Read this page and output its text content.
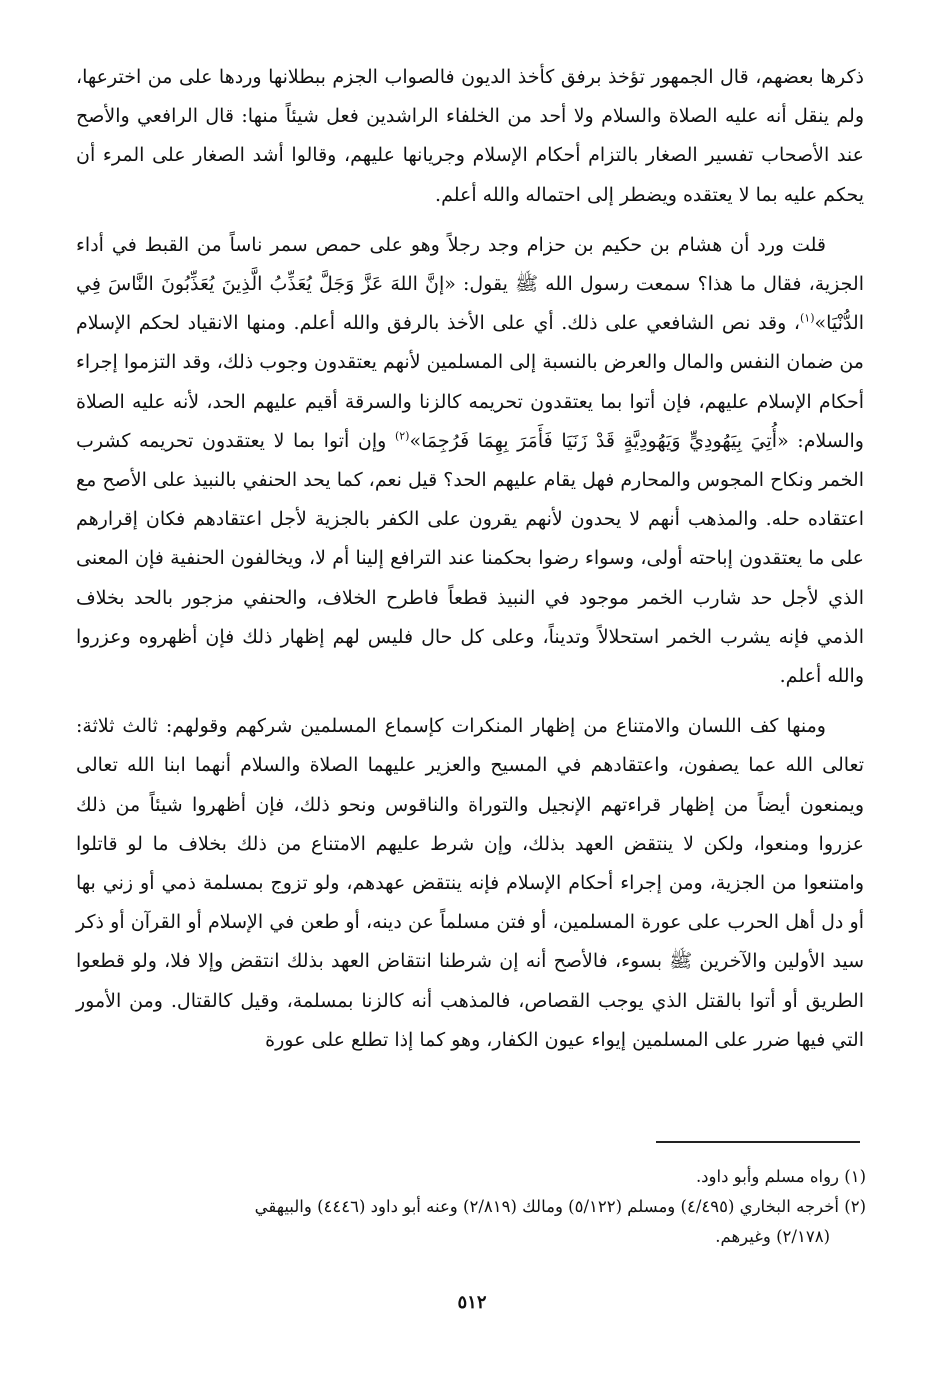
ذكرها بعضهم، قال الجمهور تؤخذ برفق كأخذ الديون فالصواب الجزم ببطلانها وردها على من اخترعها، ولم ينقل أنه عليه الصلاة والسلام ولا أحد من الخلفاء الراشدين فعل شيئاً منها: قال الرافعي والأصح عند الأصحاب تفسير الصغار بالتزام أحكام الإسلام وجريانها عليهم، وقالوا أشد الصغار على المرء أن يحكم عليه بما لا يعتقده ويضطر إلى احتماله والله أعلم.

قلت ورد أن هشام بن حكيم بن حزام وجد رجلاً وهو على حمص سمر ناساً من القبط في أداء الجزية، فقال ما هذا؟ سمعت رسول الله ﷺ يقول: «إنَّ اللهَ عَزَّ وَجَلَّ يُعَذِّبُ الَّذِينَ يُعَذِّبُونَ النَّاسَ فِي الدُّنْيَا»$^{(١)}$، وقد نص الشافعي على ذلك. أي على الأخذ بالرفق والله أعلم. ومنها الانقياد لحكم الإسلام من ضمان النفس والمال والعرض بالنسبة إلى المسلمين لأنهم يعتقدون وجوب ذلك، وقد التزموا إجراء أحكام الإسلام عليهم، فإن أتوا بما يعتقدون تحريمه كالزنا والسرقة أقيم عليهم الحد، لأنه عليه الصلاة والسلام: «أُتِيَ بِيَهُودِيٍّ وَيَهُودِيَّةٍ قَدْ زَنَيَا فَأَمَرَ بِهِمَا فَرُجِمَا»$^{(٢)}$ وإن أتوا بما لا يعتقدون تحريمه كشرب الخمر ونكاح المجوس والمحارم فهل يقام عليهم الحد؟ قيل نعم، كما يحد الحنفي بالنبيذ على الأصح مع اعتقاده حله. والمذهب أنهم لا يحدون لأنهم يقرون على الكفر بالجزية لأجل اعتقادهم فكان إقرارهم على ما يعتقدون إباحته أولى، وسواء رضوا بحكمنا عند الترافع إلينا أم لا، ويخالفون الحنفية فإن المعنى الذي لأجل حد شارب الخمر موجود في النبيذ قطعاً فاطرح الخلاف، والحنفي مزجور بالحد بخلاف الذمي فإنه يشرب الخمر استحلالاً وتديناً، وعلى كل حال فليس لهم إظهار ذلك فإن أظهروه وعزروا والله أعلم.

ومنها كف اللسان والامتناع من إظهار المنكرات كإسماع المسلمين شركهم وقولهم: ثالث ثلاثة: تعالى الله عما يصفون، واعتقادهم في المسيح والعزير عليهما الصلاة والسلام أنهما ابنا الله تعالى ويمنعون أيضاً من إظهار قراءتهم الإنجيل والتوراة والناقوس ونحو ذلك، فإن أظهروا شيئاً من ذلك عزروا ومنعوا، ولكن لا ينتقض العهد بذلك، وإن شرط عليهم الامتناع من ذلك بخلاف ما لو قاتلوا وامتنعوا من الجزية، ومن إجراء أحكام الإسلام فإنه ينتقض عهدهم، ولو تزوج بمسلمة ذمي أو زني بها أو دل أهل الحرب على عورة المسلمين، أو فتن مسلماً عن دينه، أو طعن في الإسلام أو القرآن أو ذكر سيد الأولين والآخرين ﷺ بسوء، فالأصح أنه إن شرطنا انتقاض العهد بذلك انتقض وإلا فلا، ولو قطعوا الطريق أو أتوا بالقتل الذي يوجب القصاص، فالمذهب أنه كالزنا بمسلمة، وقيل كالقتال. ومن الأمور التي فيها ضرر على المسلمين إيواء عيون الكفار، وهو كما إذا تطلع على عورة

(١) رواه مسلم وأبو داود.

(٢) أخرجه البخاري (٤/٤٩٥) ومسلم (٥/١٢٢) ومالك (٢/٨١٩) وعنه أبو داود (٤٤٤٦) والبيهقي

(٢/١٧٨) وغيرهم.

٥١٢
